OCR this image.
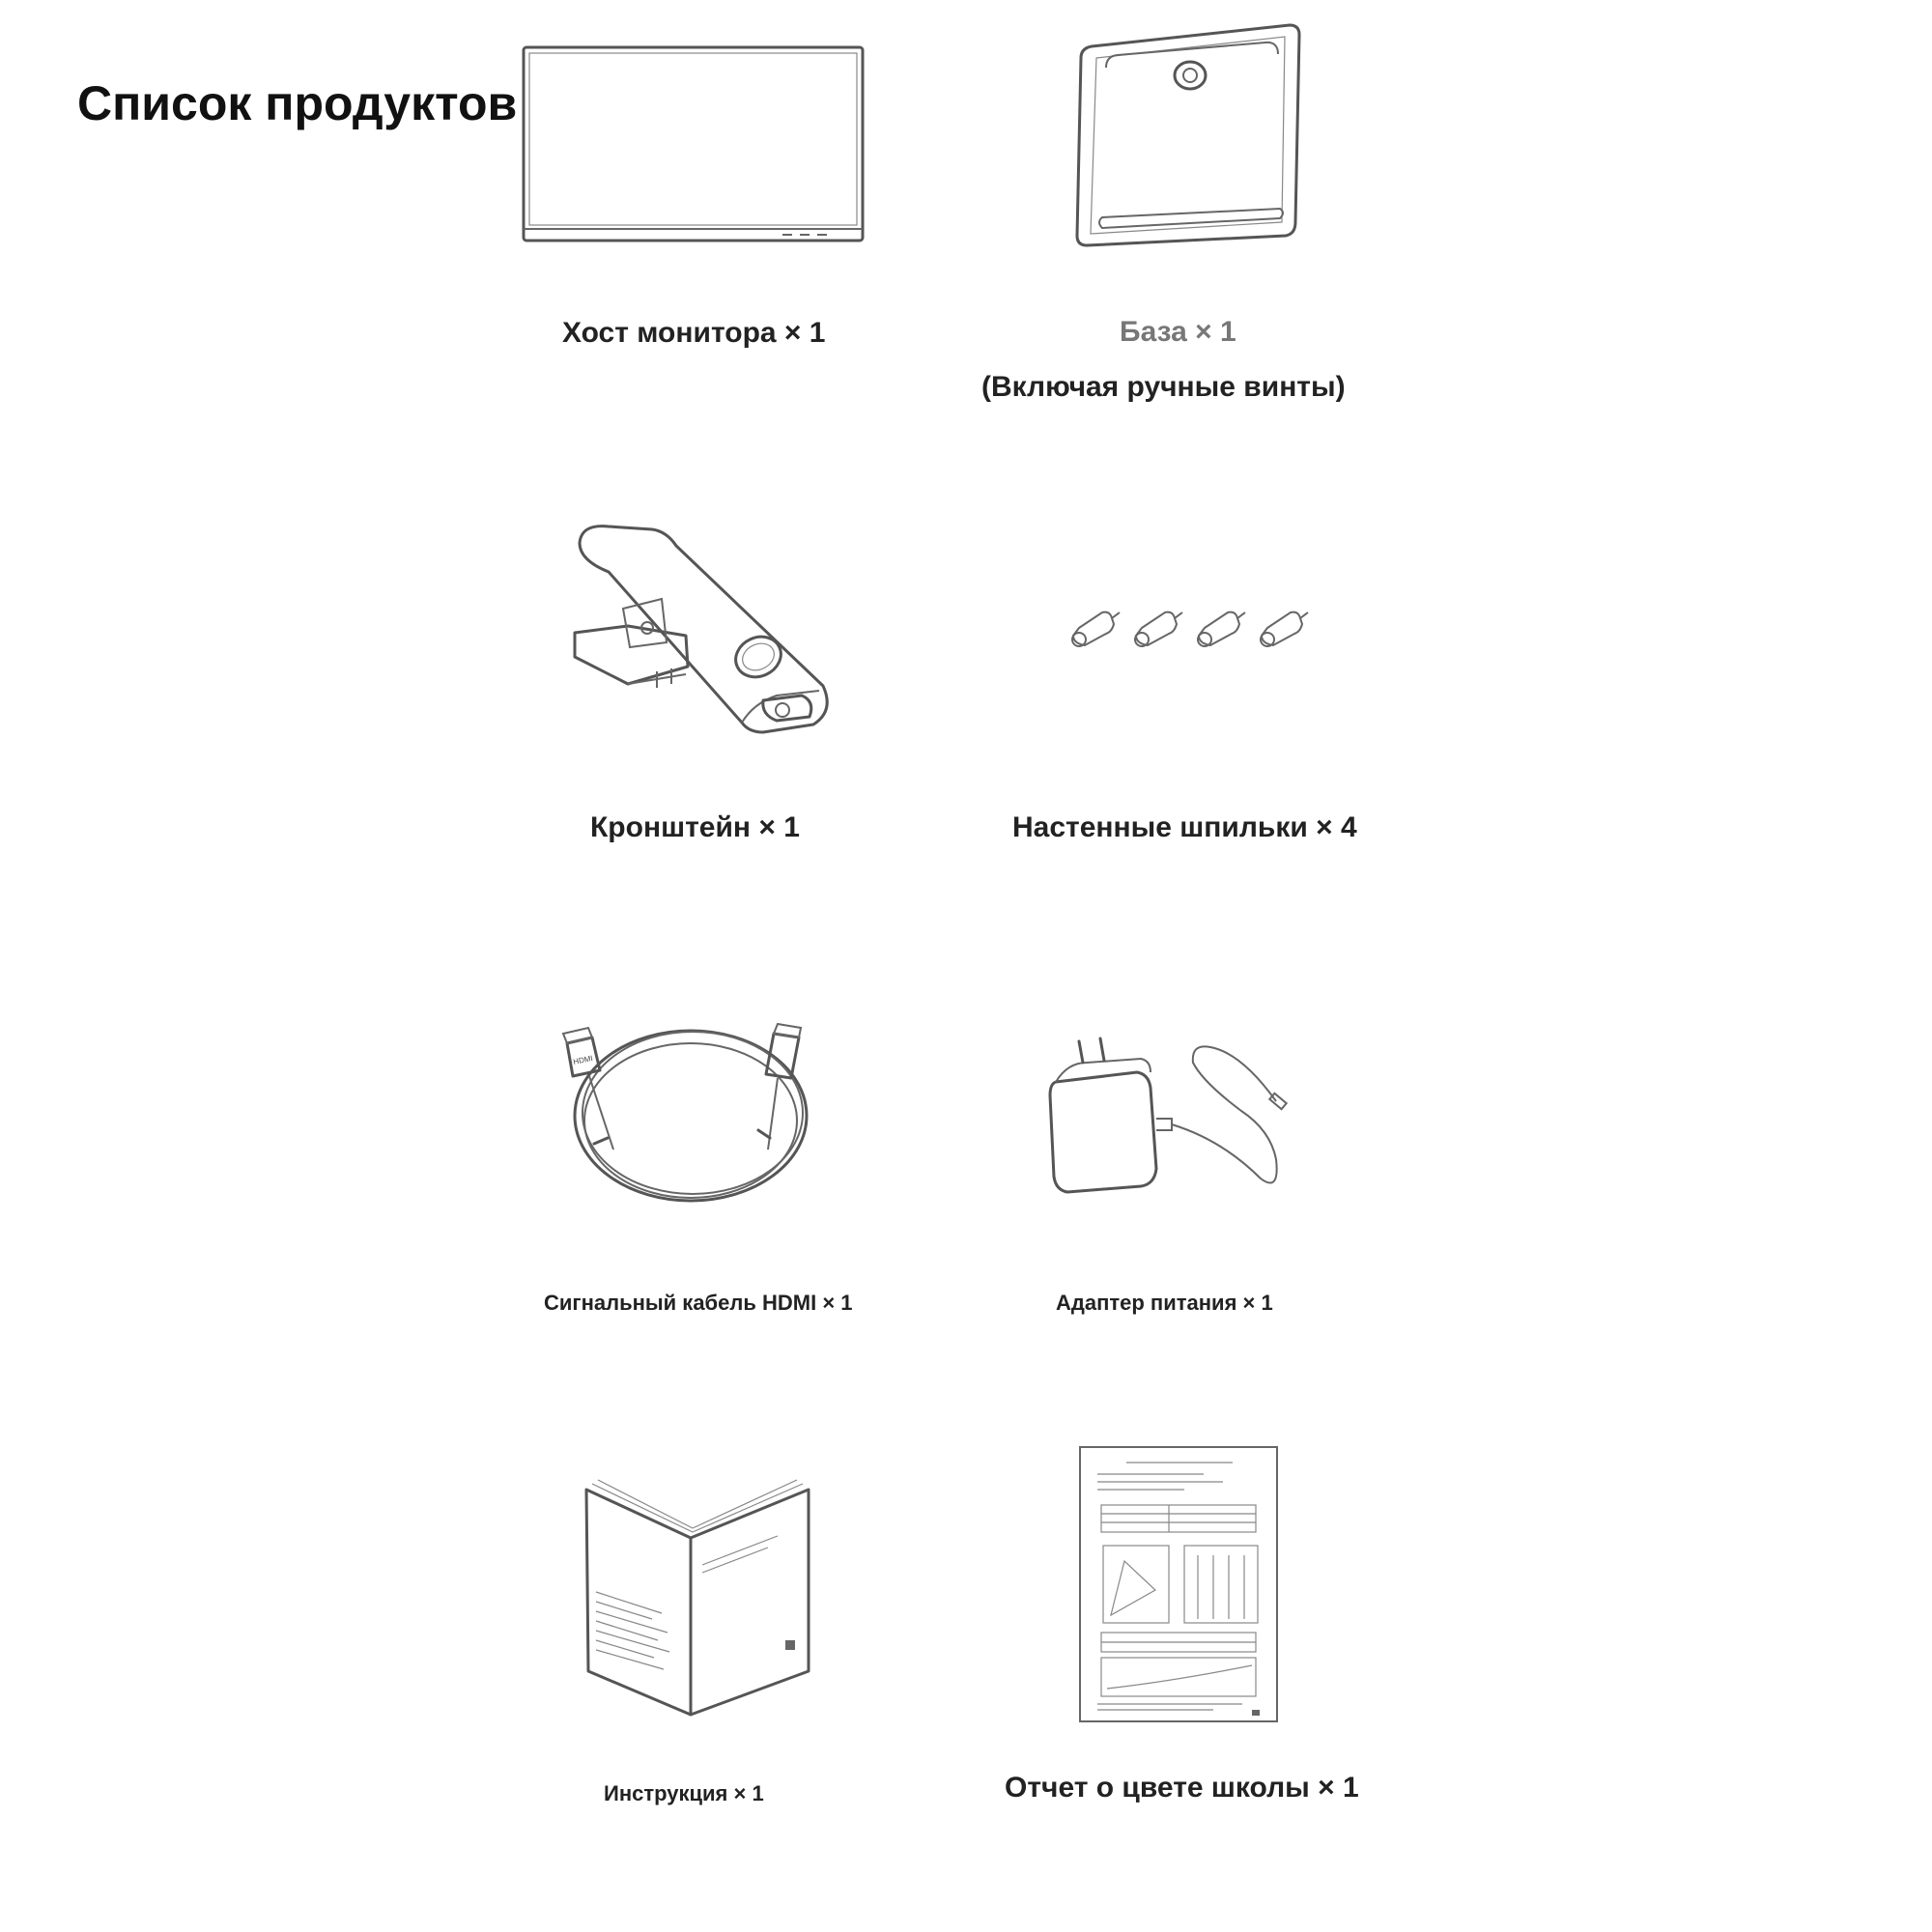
Список продуктов
Хост монитора × 1	База × 1
(Включая ручные винты)
Кронштейн × 1	Настенные шпильки × 4
HDMI
Сигнальный кабель HDMI × 1	Адаптер питания × 1
Инструкция × 1	Отчет о цвете школы × 1
